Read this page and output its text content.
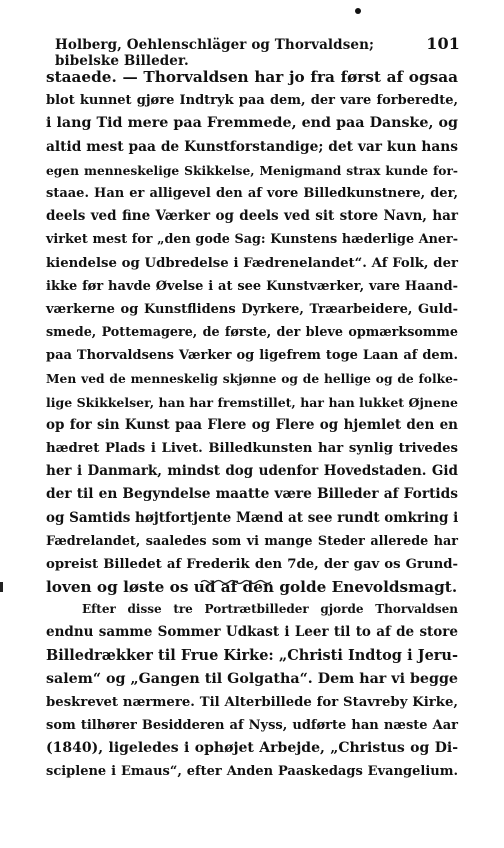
Holberg, Oehlenschläger og Thorvaldsen; bibelske Billeder.
101
staaede. — Thorvaldsen har jo fra først af ogsaa
blot kunnet gjøre Indtryk paa dem, der vare forberedte,
i lang Tid mere paa Fremmede, end paa Danske, og
altid mest paa de Kunstforstandige; det var kun hans
egen menneskelige Skikkelse, Menigmand strax kunde for-
staae. Han er alligevel den af vore Billedkunstnere, der,
deels ved fine Værker og deels ved sit store Navn, har
virket mest for „den gode Sag: Kunstens hæderlige Aner-
kiendelse og Udbredelse i Fædrenelandet“. Af Folk, der
ikke før havde Øvelse i at see Kunstværker, vare Haand-
værkerne og Kunstflidens Dyrkere, Træarbeidere, Guld-
smede, Pottemagere, de første, der bleve opmærksomme
paa Thorvaldsens Værker og ligefrem toge Laan af dem.
Men ved de menneskelig skjønne og de hellige og de folke-
lige Skikkelser, han har fremstillet, har han lukket Øjnene
op for sin Kunst paa Flere og Flere og hjemlet den en
hædret Plads i Livet. Billedkunsten har synlig trivedes
her i Danmark, mindst dog udenfor Hovedstaden. Gid
der til en Begyndelse maatte være Billeder af Fortids
og Samtids højtfortjente Mænd at see rundt omkring i
Fædrelandet, saaledes som vi mange Steder allerede har
opreist Billedet af Frederik den 7de, der gav os Grund-
loven og løste os ud af den golde Enevoldsmagt.
Efter disse tre Portrætbilleder gjorde Thorvaldsen
endnu samme Sommer Udkast i Leer til to af de store
Billedrækker til Frue Kirke: „Christi Indtog i Jeru-
salem“ og „Gangen til Golgatha“. Dem har vi begge
beskrevet nærmere. Til Alterbillede for Stavreby Kirke,
som tilhører Besidderen af Nyss, udførte han næste Aar
(1840), ligeledes i ophøjet Arbejde, „Christus og Di-
sciplene i Emaus“, efter Anden Paaskedags Evangelium.
